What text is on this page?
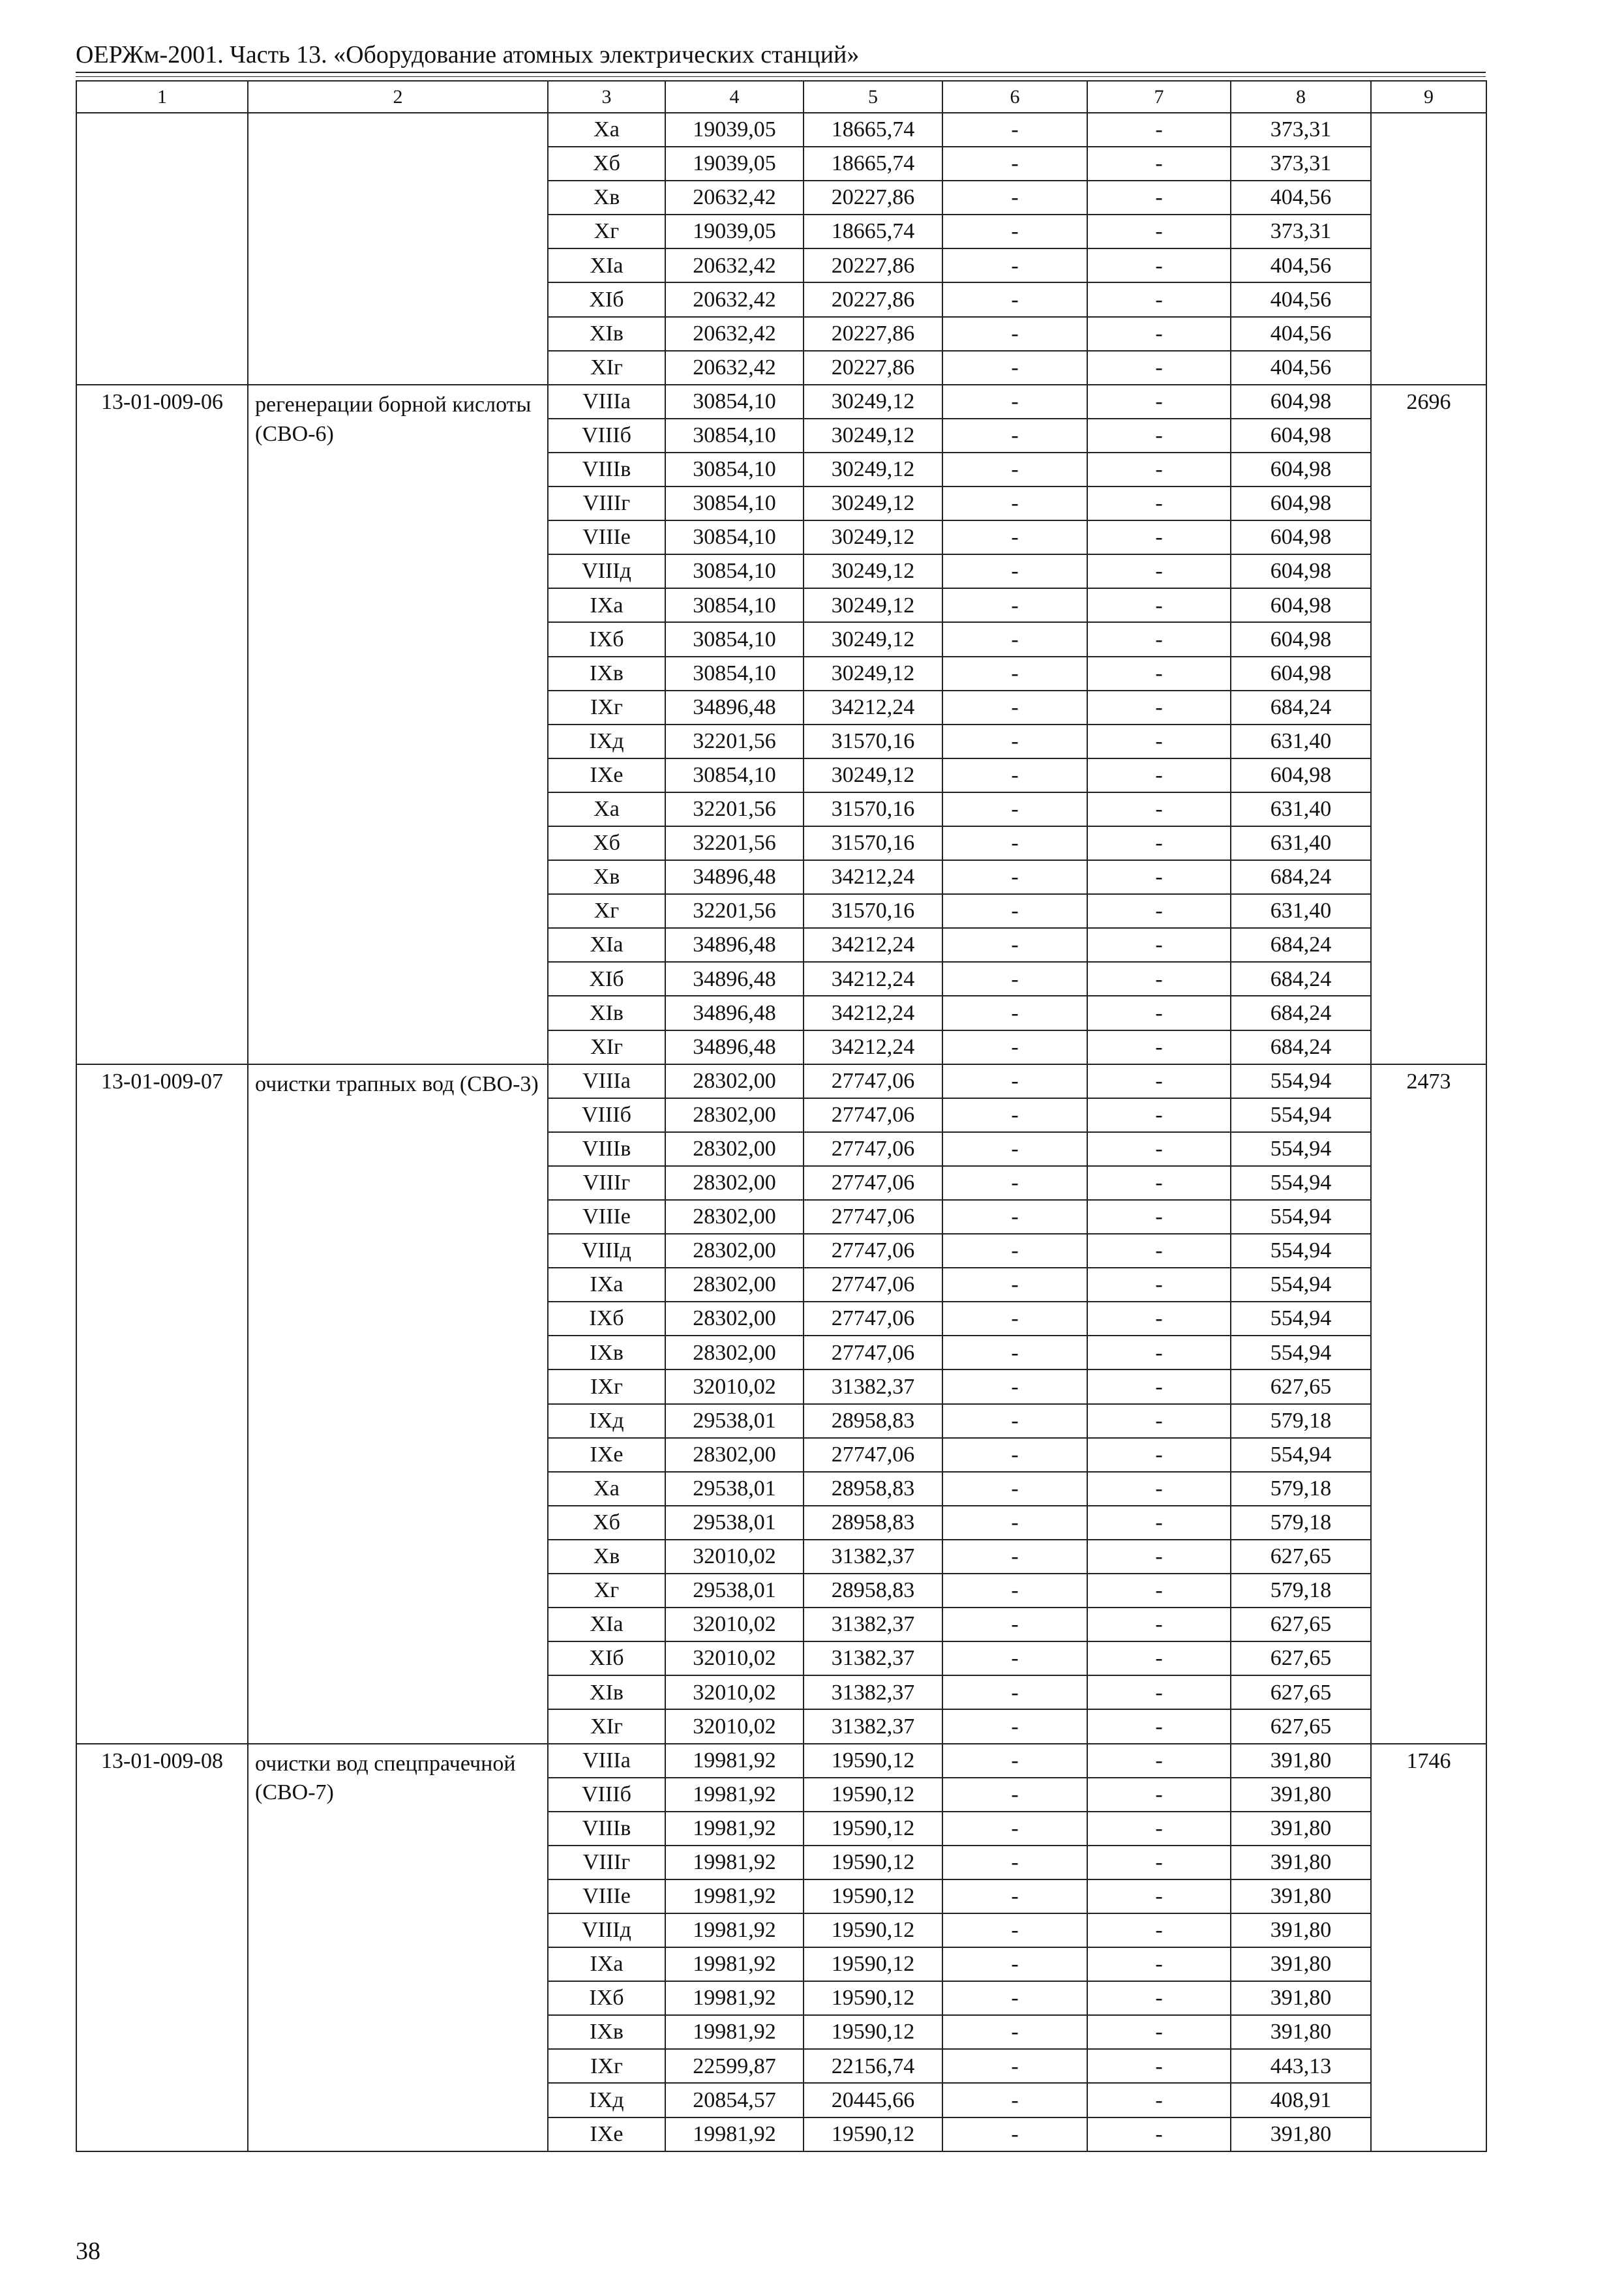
ОЕРЖм-2001. Часть 13. «Оборудование атомных электрических станций»
1	2	3	4	5	6	7	8	9
		Ха	19039,05	18665,74	-	-	373,31	
		Хб	19039,05	18665,74	-	-	373,31	
		Хв	20632,42	20227,86	-	-	404,56	
		Хг	19039,05	18665,74	-	-	373,31	
		ХIа	20632,42	20227,86	-	-	404,56	
		ХIб	20632,42	20227,86	-	-	404,56	
		ХIв	20632,42	20227,86	-	-	404,56	
		ХIг	20632,42	20227,86	-	-	404,56	
13-01-009-06	регенерации борной кислоты (СВО-6)	VIIIа	30854,10	30249,12	-	-	604,98	2696
		VIIIб	30854,10	30249,12	-	-	604,98	
		VIIIв	30854,10	30249,12	-	-	604,98	
		VIIIг	30854,10	30249,12	-	-	604,98	
		VIIIе	30854,10	30249,12	-	-	604,98	
		VIIIд	30854,10	30249,12	-	-	604,98	
		IХа	30854,10	30249,12	-	-	604,98	
		IХб	30854,10	30249,12	-	-	604,98	
		IХв	30854,10	30249,12	-	-	604,98	
		IХг	34896,48	34212,24	-	-	684,24	
		IХд	32201,56	31570,16	-	-	631,40	
		IХе	30854,10	30249,12	-	-	604,98	
		Ха	32201,56	31570,16	-	-	631,40	
		Хб	32201,56	31570,16	-	-	631,40	
		Хв	34896,48	34212,24	-	-	684,24	
		Хг	32201,56	31570,16	-	-	631,40	
		ХIа	34896,48	34212,24	-	-	684,24	
		ХIб	34896,48	34212,24	-	-	684,24	
		ХIв	34896,48	34212,24	-	-	684,24	
		ХIг	34896,48	34212,24	-	-	684,24	
13-01-009-07	очистки трапных вод (СВО-3)	VIIIа	28302,00	27747,06	-	-	554,94	2473
		VIIIб	28302,00	27747,06	-	-	554,94	
		VIIIв	28302,00	27747,06	-	-	554,94	
		VIIIг	28302,00	27747,06	-	-	554,94	
		VIIIе	28302,00	27747,06	-	-	554,94	
		VIIIд	28302,00	27747,06	-	-	554,94	
		IХа	28302,00	27747,06	-	-	554,94	
		IХб	28302,00	27747,06	-	-	554,94	
		IХв	28302,00	27747,06	-	-	554,94	
		IХг	32010,02	31382,37	-	-	627,65	
		IХд	29538,01	28958,83	-	-	579,18	
		IХе	28302,00	27747,06	-	-	554,94	
		Ха	29538,01	28958,83	-	-	579,18	
		Хб	29538,01	28958,83	-	-	579,18	
		Хв	32010,02	31382,37	-	-	627,65	
		Хг	29538,01	28958,83	-	-	579,18	
		ХIа	32010,02	31382,37	-	-	627,65	
		ХIб	32010,02	31382,37	-	-	627,65	
		ХIв	32010,02	31382,37	-	-	627,65	
		ХIг	32010,02	31382,37	-	-	627,65	
13-01-009-08	очистки вод спецпрачечной (СВО-7)	VIIIа	19981,92	19590,12	-	-	391,80	1746
		VIIIб	19981,92	19590,12	-	-	391,80	
		VIIIв	19981,92	19590,12	-	-	391,80	
		VIIIг	19981,92	19590,12	-	-	391,80	
		VIIIе	19981,92	19590,12	-	-	391,80	
		VIIIд	19981,92	19590,12	-	-	391,80	
		IХа	19981,92	19590,12	-	-	391,80	
		IХб	19981,92	19590,12	-	-	391,80	
		IХв	19981,92	19590,12	-	-	391,80	
		IХг	22599,87	22156,74	-	-	443,13	
		IХд	20854,57	20445,66	-	-	408,91	
		IХе	19981,92	19590,12	-	-	391,80	
38
